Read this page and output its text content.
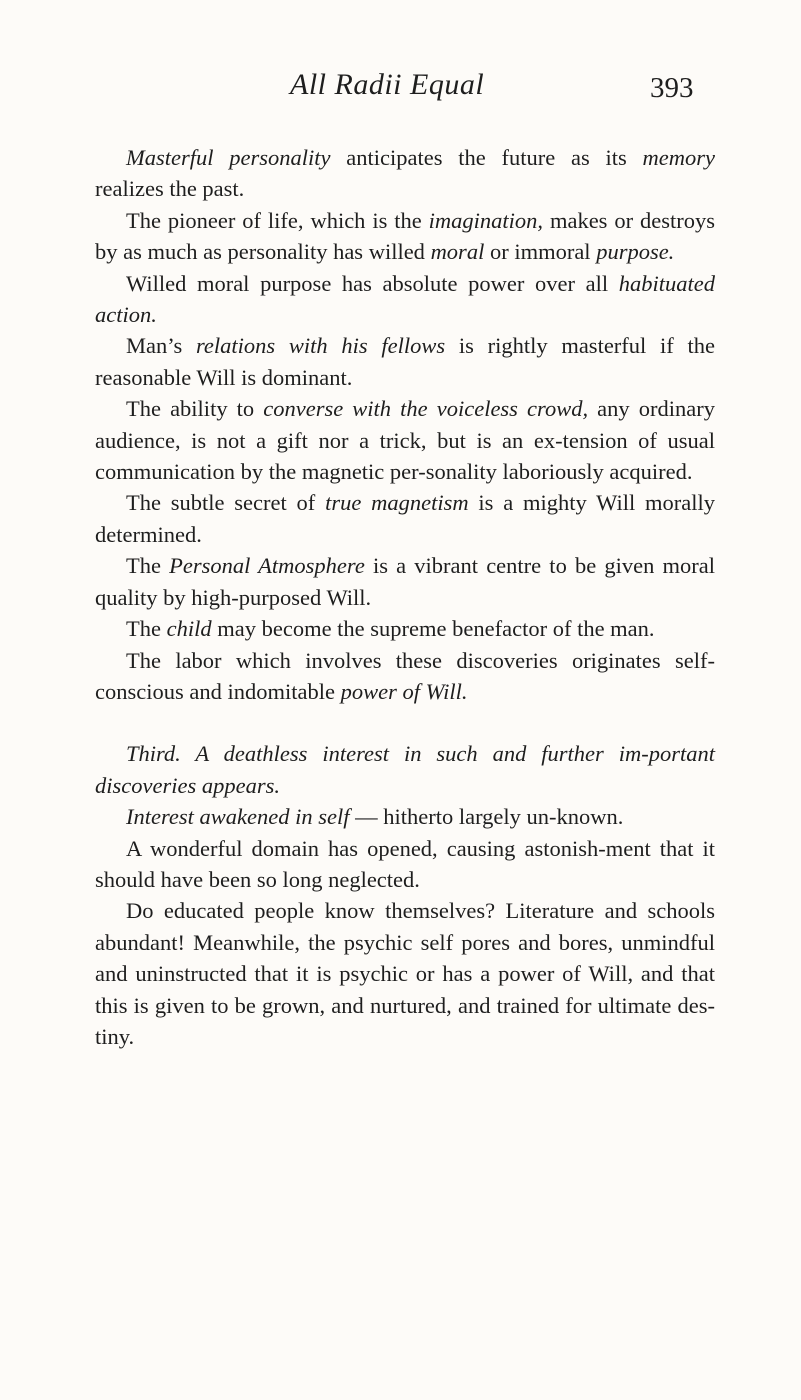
All Radii Equal	393

Masterful personality anticipates the future as its memory realizes the past.

The pioneer of life, which is the imagination, makes or destroys by as much as personality has willed moral or immoral purpose.

Willed moral purpose has absolute power over all habituated action.

Man’s relations with his fellows is rightly masterful if the reasonable Will is dominant.

The ability to converse with the voiceless crowd, any ordinary audience, is not a gift nor a trick, but is an ex-tension of usual communication by the magnetic per-sonality laboriously acquired.

The subtle secret of true magnetism is a mighty Will morally determined.

The Personal Atmosphere is a vibrant centre to be given moral quality by high-purposed Will.

The child may become the supreme benefactor of the man.

The labor which involves these discoveries originates self-conscious and indomitable power of Will.

Third. A deathless interest in such and further im-portant discoveries appears.

Interest awakened in self — hitherto largely un-known.

A wonderful domain has opened, causing astonish-ment that it should have been so long neglected.

Do educated people know themselves? Literature and schools abundant! Meanwhile, the psychic self pores and bores, unmindful and uninstructed that it is psychic or has a power of Will, and that this is given to be grown, and nurtured, and trained for ultimate des-tiny.
